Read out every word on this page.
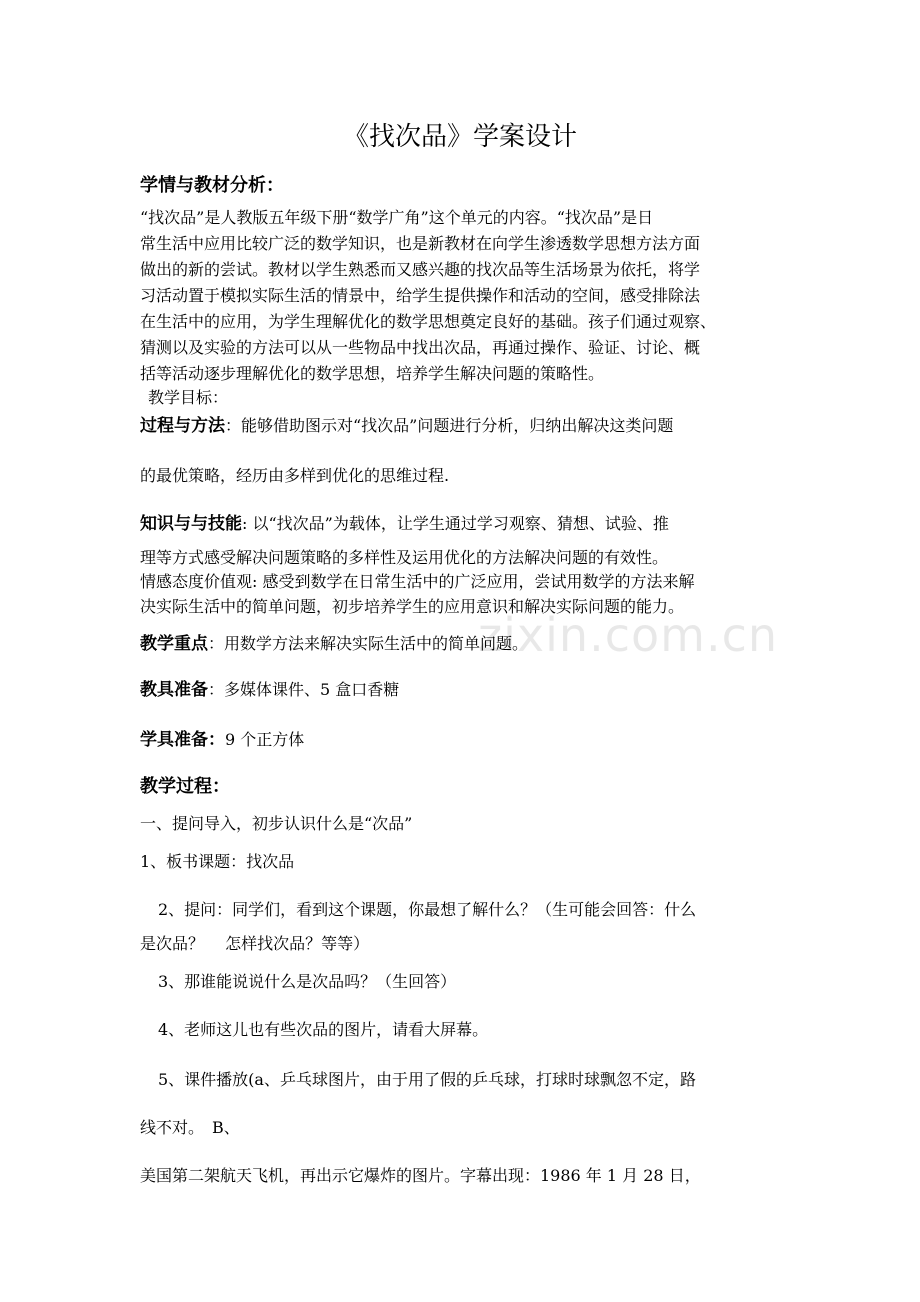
《找次品》学案设计

学情与教材分析：

“找次品”是人教版五年级下册“数学广角”这个单元的内容。“找次品”是日

常生活中应用比较广泛的数学知识，也是新教材在向学生渗透数学思想方法方面

做出的新的尝试。教材以学生熟悉而又感兴趣的找次品等生活场景为依托，将学

习活动置于模拟实际生活的情景中，给学生提供操作和活动的空间，感受排除法

在生活中的应用，为学生理解优化的数学思想奠定良好的基础。孩子们通过观察、

猜测以及实验的方法可以从一些物品中找出次品，再通过操作、验证、讨论、概

括等活动逐步理解优化的数学思想，培养学生解决问题的策略性。

教学目标：

过程与方法：能够借助图示对“找次品”问题进行分析，归纳出解决这类问题

的最优策略，经历由多样到优化的思维过程.

知识与与技能: 以“找次品”为载体，让学生通过学习观察、猜想、试验、推

理等方式感受解决问题策略的多样性及运用优化的方法解决问题的有效性。

情感态度价值观: 感受到数学在日常生活中的广泛应用，尝试用数学的方法来解

决实际生活中的简单问题，初步培养学生的应用意识和解决实际问题的能力。

教学重点：用数学方法来解决实际生活中的简单问题。

教具准备：多媒体课件、5 盒口香糖

学具准备：9 个正方体

教学过程：

一、提问导入，初步认识什么是“次品”

1、板书课题：找次品

2、提问：同学们，看到这个课题，你最想了解什么？（生可能会回答：什么

是次品？　 怎样找次品？等等）

3、那谁能说说什么是次品吗？（生回答）

4、老师这儿也有些次品的图片，请看大屏幕。

5、课件播放(a、乒乓球图片，由于用了假的乒乓球，打球时球飘忽不定，路

线不对。　B、

美国第二架航天飞机，再出示它爆炸的图片。字幕出现：1986 年 1 月 28 日，

zixin.com.cn
